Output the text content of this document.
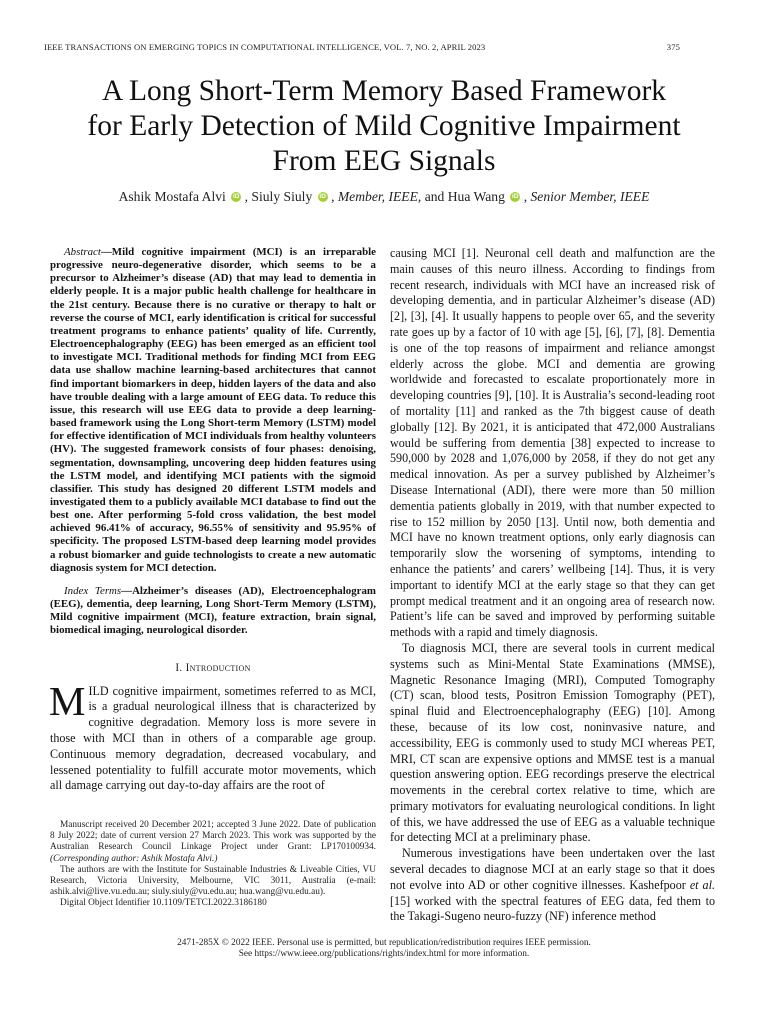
IEEE TRANSACTIONS ON EMERGING TOPICS IN COMPUTATIONAL INTELLIGENCE, VOL. 7, NO. 2, APRIL 2023	375
A Long Short-Term Memory Based Framework
for Early Detection of Mild Cognitive Impairment
From EEG Signals
Ashik Mostafa Alvi iD , Siuly Siuly iD , Member, IEEE, and Hua Wang iD , Senior Member, IEEE

Abstract—Mild cognitive impairment (MCI) is an irreparable progressive neuro-degenerative disorder, which seems to be a precursor to Alzheimer’s disease (AD) that may lead to dementia in elderly people. It is a major public health challenge for healthcare in the 21st century. Because there is no curative or therapy to halt or reverse the course of MCI, early identification is critical for successful treatment programs to enhance patients’ quality of life. Currently, Electroencephalography (EEG) has been emerged as an efficient tool to investigate MCI. Traditional methods for finding MCI from EEG data use shallow machine learning-based architectures that cannot find important biomarkers in deep, hidden layers of the data and also have trouble dealing with a large amount of EEG data. To reduce this issue, this research will use EEG data to provide a deep learning-based framework using the Long Short-term Memory (LSTM) model for effective identification of MCI individuals from healthy volunteers (HV). The suggested framework consists of four phases: denoising, segmentation, downsampling, uncovering deep hidden features using the LSTM model, and identifying MCI patients with the sigmoid classifier. This study has designed 20 different LSTM models and investigated them to a publicly available MCI database to find out the best one. After performing 5-fold cross validation, the best model achieved 96.41% of accuracy, 96.55% of sensitivity and 95.95% of specificity. The proposed LSTM-based deep learning model provides a robust biomarker and guide technologists to create a new automatic diagnosis system for MCI detection.

Index Terms—Alzheimer’s diseases (AD), Electroencephalogram (EEG), dementia, deep learning, Long Short-Term Memory (LSTM), Mild cognitive impairment (MCI), feature extraction, brain signal, biomedical imaging, neurological disorder.

I. Introduction

MILD cognitive impairment, sometimes referred to as MCI, is a gradual neurological illness that is characterized by cognitive degradation. Memory loss is more severe in those with MCI than in others of a comparable age group. Continuous memory degradation, decreased vocabulary, and lessened potentiality to fulfill accurate motor movements, which all damage carrying out day-to-day affairs are the root of

causing MCI [1]. Neuronal cell death and malfunction are the main causes of this neuro illness. According to findings from recent research, individuals with MCI have an increased risk of developing dementia, and in particular Alzheimer’s disease (AD) [2], [3], [4]. It usually happens to people over 65, and the severity rate goes up by a factor of 10 with age [5], [6], [7], [8]. Dementia is one of the top reasons of impairment and reliance amongst elderly across the globe. MCI and dementia are growing worldwide and forecasted to escalate proportionately more in developing countries [9], [10]. It is Australia’s second-leading root of mortality [11] and ranked as the 7th biggest cause of death globally [12]. By 2021, it is anticipated that 472,000 Australians would be suffering from dementia [38] expected to increase to 590,000 by 2028 and 1,076,000 by 2058, if they do not get any medical innovation. As per a survey published by Alzheimer’s Disease International (ADI), there were more than 50 million dementia patients globally in 2019, with that number expected to rise to 152 million by 2050 [13]. Until now, both dementia and MCI have no known treatment options, only early diagnosis can temporarily slow the worsening of symptoms, intending to enhance the patients’ and carers’ wellbeing [14]. Thus, it is very important to identify MCI at the early stage so that they can get prompt medical treatment and it an ongoing area of research now. Patient’s life can be saved and improved by performing suitable methods with a rapid and timely diagnosis.

To diagnosis MCI, there are several tools in current medical systems such as Mini-Mental State Examinations (MMSE), Magnetic Resonance Imaging (MRI), Computed Tomography (CT) scan, blood tests, Positron Emission Tomography (PET), spinal fluid and Electroencephalography (EEG) [10]. Among these, because of its low cost, noninvasive nature, and accessibility, EEG is commonly used to study MCI whereas PET, MRI, CT scan are expensive options and MMSE test is a manual question answering option. EEG recordings preserve the electrical movements in the cerebral cortex relative to time, which are primary motivators for evaluating neurological conditions. In light of this, we have addressed the use of EEG as a valuable technique for detecting MCI at a preliminary phase.

Numerous investigations have been undertaken over the last several decades to diagnose MCI at an early stage so that it does not evolve into AD or other cognitive illnesses. Kashefpoor et al. [15] worked with the spectral features of EEG data, fed them to the Takagi-Sugeno neuro-fuzzy (NF) inference method

Manuscript received 20 December 2021; accepted 3 June 2022. Date of publication 8 July 2022; date of current version 27 March 2023. This work was supported by the Australian Research Council Linkage Project under Grant: LP170100934. (Corresponding author: Ashik Mostafa Alvi.)

The authors are with the Institute for Sustainable Industries & Liveable Cities, VU Research, Victoria University, Melbourne, VIC 3011, Australia (e-mail: ashik.alvi@live.vu.edu.au; siuly.siuly@vu.edu.au; hua.wang@vu.edu.au).

Digital Object Identifier 10.1109/TETCI.2022.3186180

2471-285X © 2022 IEEE. Personal use is permitted, but republication/redistribution requires IEEE permission.
See https://www.ieee.org/publications/rights/index.html for more information.
